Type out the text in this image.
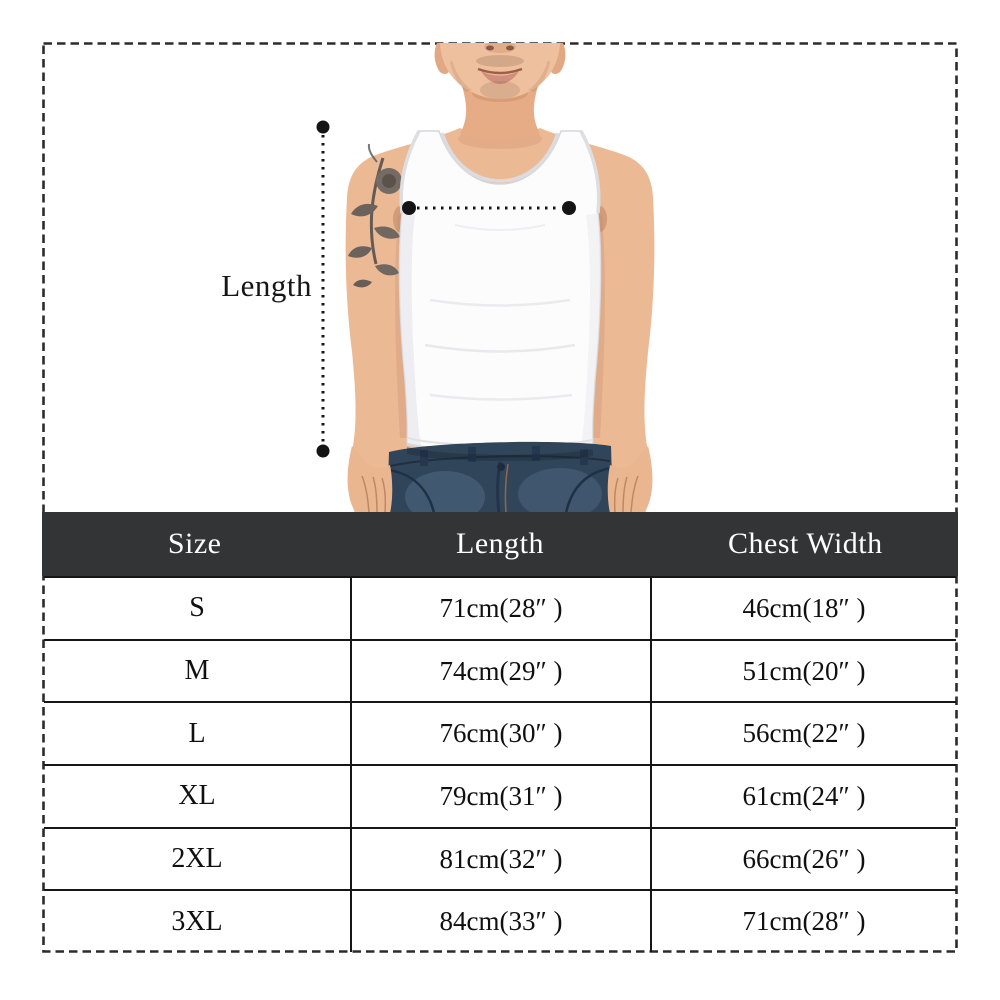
Length
Size	Length	Chest Width
S	71cm(28″ )	46cm(18″ )
M	74cm(29″ )	51cm(20″ )
L	76cm(30″ )	56cm(22″ )
XL	79cm(31″ )	61cm(24″ )
2XL	81cm(32″ )	66cm(26″ )
3XL	84cm(33″ )	71cm(28″ )
